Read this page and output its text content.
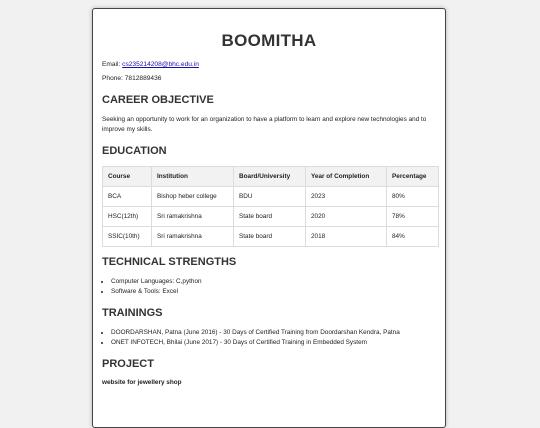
BOOMITHA

Email: cs235214208@bhc.edu.in

Phone: 7812889436

CAREER OBJECTIVE

Seeking an opportunity to work for an organization to have a platform to learn and explore new technologies and to improve my skills.

EDUCATION
Course	Institution	Board/University	Year of Completion	Percentage
BCA	Bishop heber college	BDU	2023	80%
HSC(12th)	Sri ramakrishna	State board	2020	78%
SSIC(10th)	Sri ramakrishna	State board	2018	84%
TECHNICAL STRENGTHS
• Computer Languages: C,python
• Software & Tools: Excel
TRAININGS
• DOORDARSHAN, Patna (June 2016) - 30 Days of Certified Training from Doordarshan Kendra, Patna
• ONET INFOTECH, Bhilai (June 2017) - 30 Days of Certified Training in Embedded System
PROJECT

website for jewellery shop
